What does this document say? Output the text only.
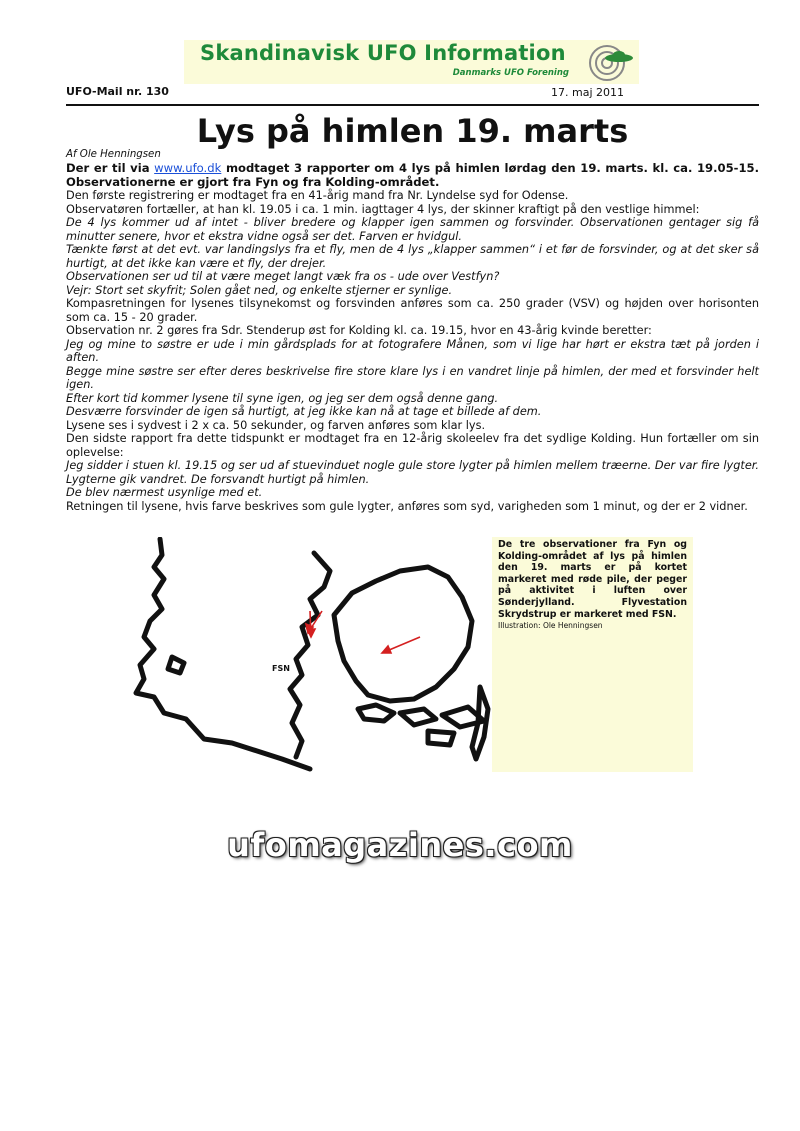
Skandinavisk UFO Information
Danmarks UFO Forening
UFO-Mail nr. 130	17. maj 2011
Lys på himlen 19. marts
Af Ole Henningsen

Der er til via www.ufo.dk modtaget 3 rapporter om 4 lys på himlen lørdag den 19. marts. kl. ca. 19.05-15. Observationerne er gjort fra Fyn og fra Kolding-området.

Den første registrering er modtaget fra en 41-årig mand fra Nr. Lyndelse syd for Odense.

Observatøren fortæller, at han kl. 19.05 i ca. 1 min. iagttager 4 lys, der skinner kraftigt på den vestlige himmel:

De 4 lys kommer ud af intet - bliver bredere og klapper igen sammen og forsvinder. Observationen gentager sig få minutter senere, hvor et ekstra vidne også ser det. Farven er hvidgul.

Tænkte først at det evt. var landingslys fra et fly, men de 4 lys „klapper sammen“ i et før de forsvinder, og at det sker så hurtigt, at det ikke kan være et fly, der drejer.

Observationen ser ud til at være meget langt væk fra os - ude over Vestfyn?

Vejr: Stort set skyfrit; Solen gået ned, og enkelte stjerner er synlige.

Kompasretningen for lysenes tilsynekomst og forsvinden anføres som ca. 250 grader (VSV) og højden over horisonten som ca. 15 - 20 grader.

Observation nr. 2 gøres fra Sdr. Stenderup øst for Kolding kl. ca. 19.15, hvor en 43-årig kvinde beretter:

Jeg og mine to søstre er ude i min gårdsplads for at fotografere Månen, som vi lige har hørt er ekstra tæt på jorden i aften.

Begge mine søstre ser efter deres beskrivelse fire store klare lys i en vandret linje på himlen, der med et forsvinder helt igen.

Efter kort tid kommer lysene til syne igen, og jeg ser dem også denne gang.

Desværre forsvinder de igen så hurtigt, at jeg ikke kan nå at tage et billede af dem.

Lysene ses i sydvest i 2 x ca. 50 sekunder, og farven anføres som klar lys.

Den sidste rapport fra dette tidspunkt er modtaget fra en 12-årig skoleelev fra det sydlige Kolding. Hun fortæller om sin oplevelse:

Jeg sidder i stuen kl. 19.15 og ser ud af stuevinduet nogle gule store lygter på himlen mellem træerne. Der var fire lygter. Lygterne gik vandret. De forsvandt hurtigt på himlen.

De blev nærmest usynlige med et.

Retningen til lysene, hvis farve beskrives som gule lygter, anføres som syd, varigheden som 1 minut, og der er 2 vidner.

FSN
De tre observationer fra Fyn og Kolding-området af lys på himlen den 19. marts er på kortet markeret med røde pile, der peger på aktivitet i luften over Sønderjylland. Flyvestation Skrydstrup er markeret med FSN.
Illustration: Ole Henningsen
ufomagazines.com
